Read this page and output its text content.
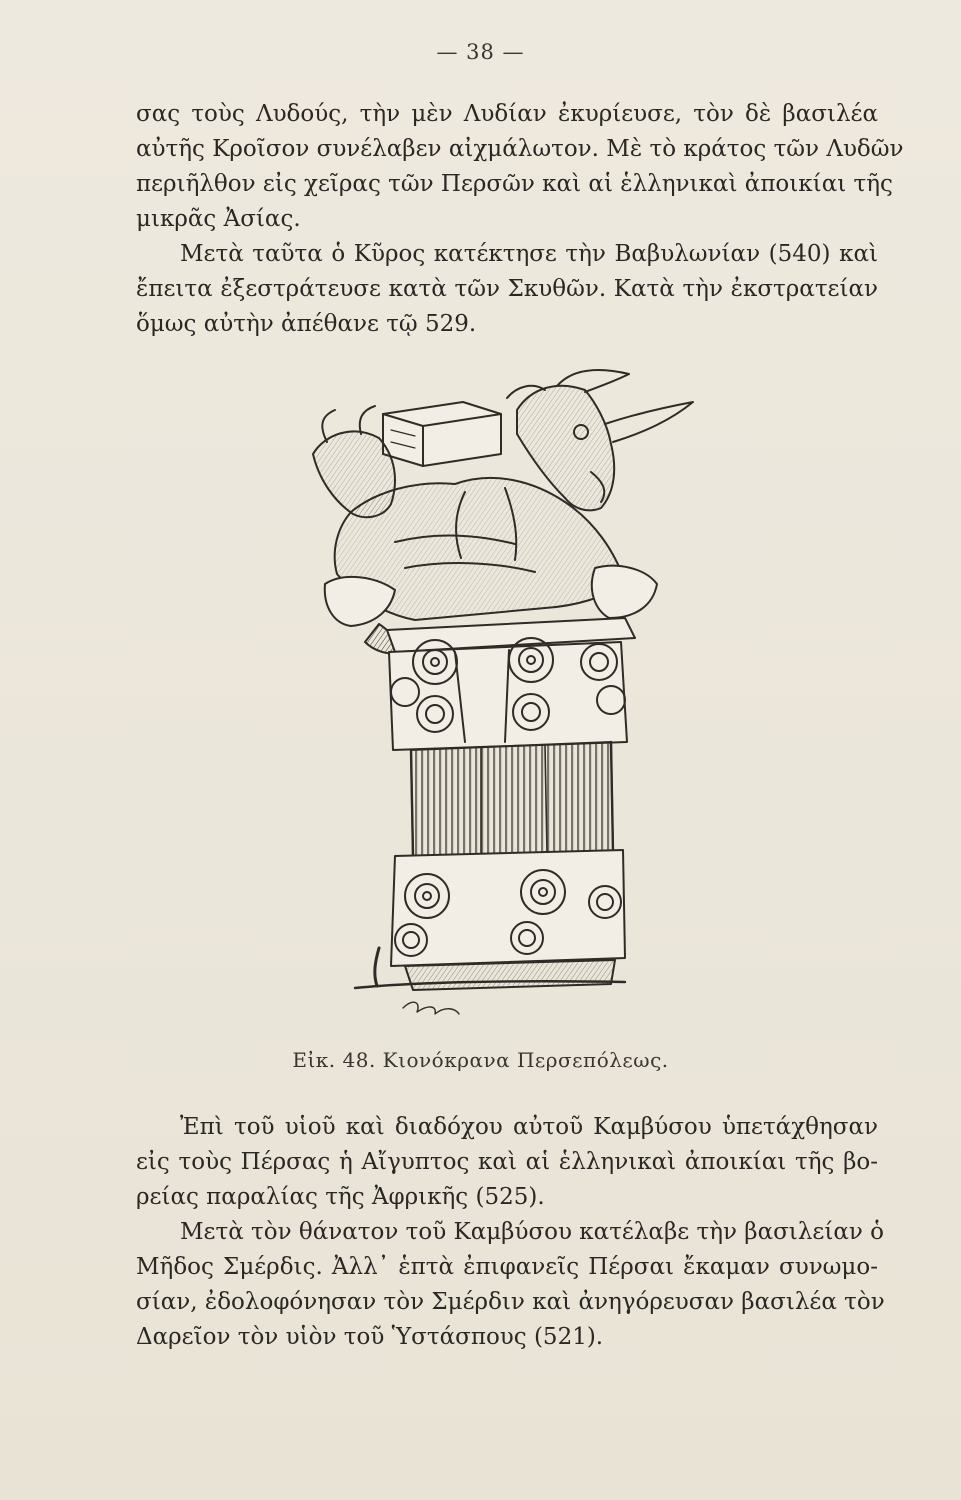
— 38 —

σας τοὺς Λυδούς, τὴν μὲν Λυδίαν ἐκυρίευσε, τὸν δὲ βασιλέα
αὐτῆς Κροῖσον συνέλαβεν αἰχμάλωτον. Μὲ τὸ κράτος τῶν Λυδῶν
περιῆλθον εἰς χεῖρας τῶν Περσῶν καὶ αἱ ἑλληνικαὶ ἀποικίαι τῆς
μικρᾶς Ἀσίας.

Μετὰ ταῦτα ὁ Κῦρος κατέκτησε τὴν Βαβυλωνίαν (540) καὶ
ἔπειτα ἐξεστράτευσε κατὰ τῶν Σκυθῶν. Κατὰ τὴν ἐκστρατείαν
ὅμως αὐτὴν ἀπέθανε τῷ 529.

Εἰκ. 48. Κιονόκρανα Περσεπόλεως.

Ἐπὶ τοῦ υἱοῦ καὶ διαδόχου αὐτοῦ Καμβύσου ὑπετάχθησαν
εἰς τοὺς Πέρσας ἡ Αἴγυπτος καὶ αἱ ἑλληνικαὶ ἀποικίαι τῆς βο-
ρείας παραλίας τῆς Ἀφρικῆς (525).

Μετὰ τὸν θάνατον τοῦ Καμβύσου κατέλαβε τὴν βασιλείαν ὁ
Μῆδος Σμέρδις. Ἀλλ᾽ ἑπτὰ ἐπιφανεῖς Πέρσαι ἔκαμαν συνωμο-
σίαν, ἐδολοφόνησαν τὸν Σμέρδιν καὶ ἀνηγόρευσαν βασιλέα τὸν
Δαρεῖον τὸν υἱὸν τοῦ Ὑστάσπους (521).
